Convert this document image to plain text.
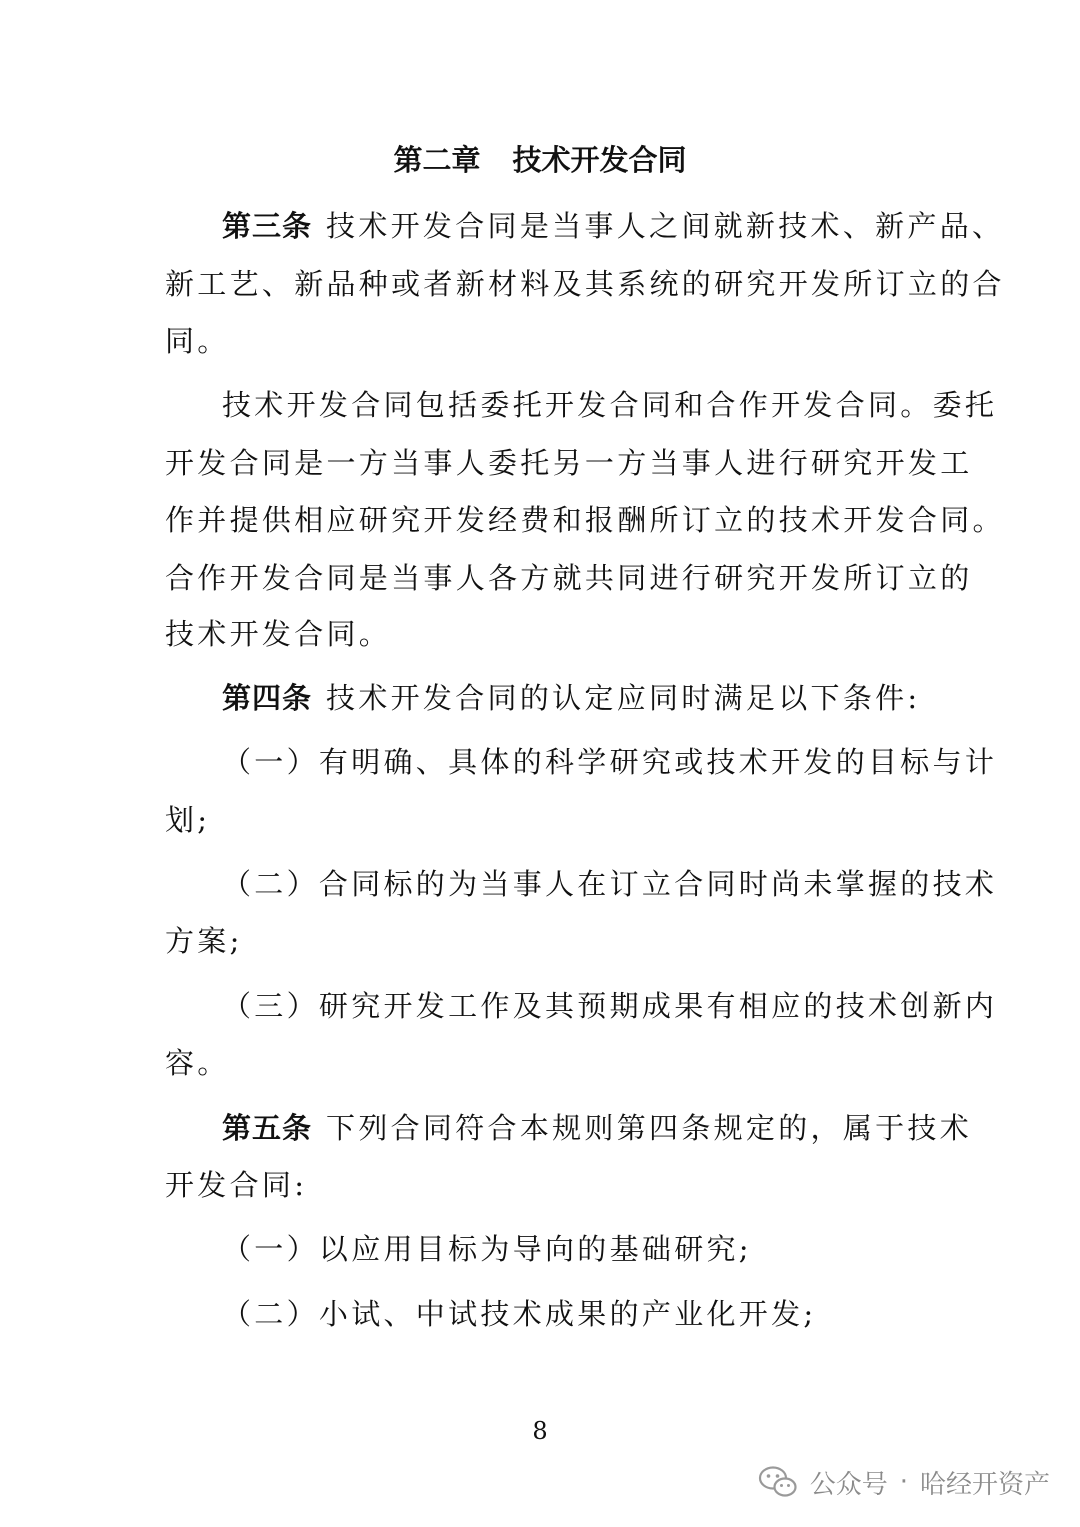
第二章 技术开发合同
第三条 技术开发合同是当事人之间就新技术、新产品、
新工艺、新品种或者新材料及其系统的研究开发所订立的合
同。
技术开发合同包括委托开发合同和合作开发合同。委托
开发合同是一方当事人委托另一方当事人进行研究开发工
作并提供相应研究开发经费和报酬所订立的技术开发合同。
合作开发合同是当事人各方就共同进行研究开发所订立的
技术开发合同。
第四条 技术开发合同的认定应同时满足以下条件:
（一）有明确、具体的科学研究或技术开发的目标与计
划;
（二）合同标的为当事人在订立合同时尚未掌握的技术
方案;
（三）研究开发工作及其预期成果有相应的技术创新内
容。
第五条 下列合同符合本规则第四条规定的，属于技术
开发合同:
（一）以应用目标为导向的基础研究;
（二）小试、中试技术成果的产业化开发;
8
公众号 · 哈经开资产
